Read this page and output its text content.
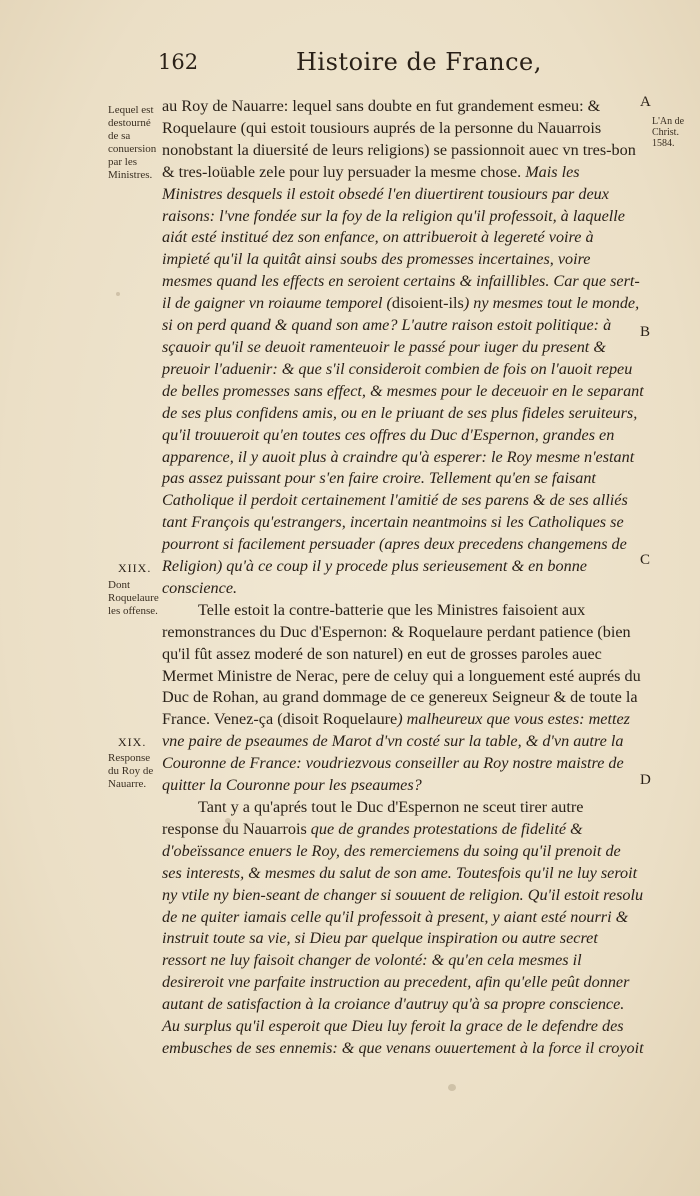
162	Histoire de France,
Lequel est destourné de sa conuersion par les Ministres.
XIIX.
Dont Roquelaure les offense.
XIX.
Response du Roy de Nauarre.
L'An de Christ. 1584.
A
B
C
D

au Roy de Nauarre: lequel sans doubte en fut grandement esmeu: & Roquelaure (qui estoit tousiours auprés de la personne du Nauarrois nonobstant la diuersité de leurs religions) se passionnoit auec vn tres-bon & tres-loüable zele pour luy persuader la mesme chose. Mais les Ministres desquels il estoit obsedé l'en diuertirent tousiours par deux raisons: l'vne fondée sur la foy de la religion qu'il professoit, à laquelle aiát esté institué dez son enfance, on attribueroit à legereté voire à impieté qu'il la quitât ainsi soubs des promesses incertaines, voire mesmes quand les effects en seroient certains & infaillibles. Car que sert-il de gaigner vn roiaume temporel (disoient-ils) ny mesmes tout le monde, si on perd quand & quand son ame? L'autre raison estoit politique: à sçauoir qu'il se deuoit ramenteuoir le passé pour iuger du present & preuoir l'aduenir: & que s'il consideroit combien de fois on l'auoit repeu de belles promesses sans effect, & mesmes pour le deceuoir en le separant de ses plus confidens amis, ou en le priuant de ses plus fideles seruiteurs, qu'il trouueroit qu'en toutes ces offres du Duc d'Espernon, grandes en apparence, il y auoit plus à craindre qu'à esperer: le Roy mesme n'estant pas assez puissant pour s'en faire croire. Tellement qu'en se faisant Catholique il perdoit certainement l'amitié de ses parens & de ses alliés tant François qu'estrangers, incertain neantmoins si les Catholiques se pourront si facilement persuader (apres deux precedens changemens de Religion) qu'à ce coup il y procede plus serieusement & en bonne conscience.

Telle estoit la contre-batterie que les Ministres faisoient aux remonstrances du Duc d'Espernon: & Roquelaure perdant patience (bien qu'il fût assez moderé de son naturel) en eut de grosses paroles auec Mermet Ministre de Nerac, pere de celuy qui a longuement esté auprés du Duc de Rohan, au grand dommage de ce genereux Seigneur & de toute la France. Venez-ça (disoit Roquelaure) malheureux que vous estes: mettez vne paire de pseaumes de Marot d'vn costé sur la table, & d'vn autre la Couronne de France: voudriezvous conseiller au Roy nostre maistre de quitter la Couronne pour les pseaumes?

Tant y a qu'aprés tout le Duc d'Espernon ne sceut tirer autre response du Nauarrois que de grandes protestations de fidelité & d'obeïssance enuers le Roy, des remerciemens du soing qu'il prenoit de ses interests, & mesmes du salut de son ame. Toutesfois qu'il ne luy seroit ny vtile ny bien-seant de changer si souuent de religion. Qu'il estoit resolu de ne quiter iamais celle qu'il professoit à present, y aiant esté nourri & instruit toute sa vie, si Dieu par quelque inspiration ou autre secret ressort ne luy faisoit changer de volonté: & qu'en cela mesmes il desireroit vne parfaite instruction au precedent, afin qu'elle peût donner autant de satisfaction à la croiance d'autruy qu'à sa propre conscience. Au surplus qu'il esperoit que Dieu luy feroit la grace de le defendre des embusches de ses ennemis: & que venans ouuertement à la force il croyoit
